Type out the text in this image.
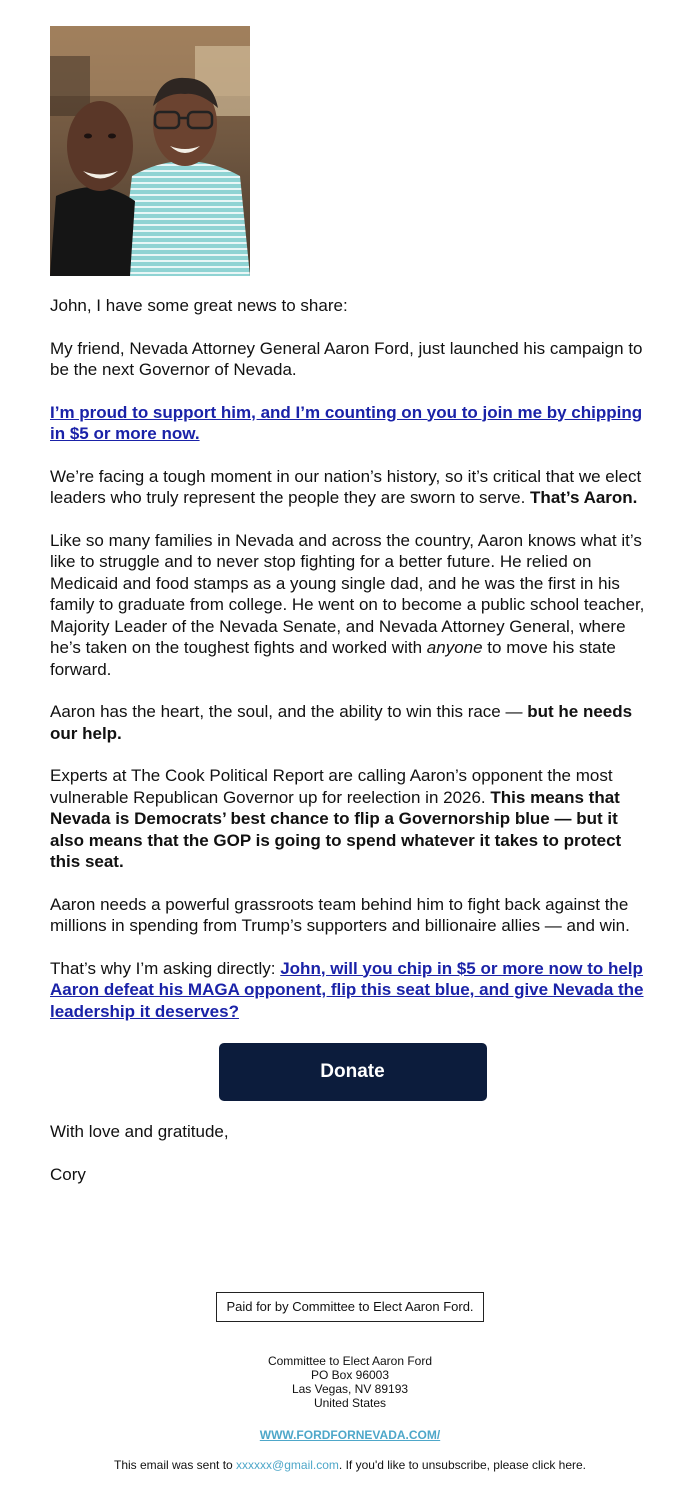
John, I have some great news to share:

My friend, Nevada Attorney General Aaron Ford, just launched his campaign to be the next Governor of Nevada.

I’m proud to support him, and I’m counting on you to join me by chipping in $5 or more now.

We’re facing a tough moment in our nation’s history, so it’s critical that we elect leaders who truly represent the people they are sworn to serve. That’s Aaron.

Like so many families in Nevada and across the country, Aaron knows what it’s like to struggle and to never stop fighting for a better future. He relied on Medicaid and food stamps as a young single dad, and he was the first in his family to graduate from college. He went on to become a public school teacher, Majority Leader of the Nevada Senate, and Nevada Attorney General, where he’s taken on the toughest fights and worked with anyone to move his state forward.

Aaron has the heart, the soul, and the ability to win this race — but he needs our help.

Experts at The Cook Political Report are calling Aaron’s opponent the most vulnerable Republican Governor up for reelection in 2026. This means that Nevada is Democrats’ best chance to flip a Governorship blue — but it also means that the GOP is going to spend whatever it takes to protect this seat.

Aaron needs a powerful grassroots team behind him to fight back against the millions in spending from Trump’s supporters and billionaire allies — and win.

That’s why I’m asking directly: John, will you chip in $5 or more now to help Aaron defeat his MAGA opponent, flip this seat blue, and give Nevada the leadership it deserves?

Donate

With love and gratitude,

Cory

Paid for by Committee to Elect Aaron Ford.
Committee to Elect Aaron Ford
PO Box 96003
Las Vegas, NV 89193
United States
WWW.FORDFORNEVADA.COM/
This email was sent to xxxxxx@gmail.com. If you'd like to unsubscribe, please click here.
